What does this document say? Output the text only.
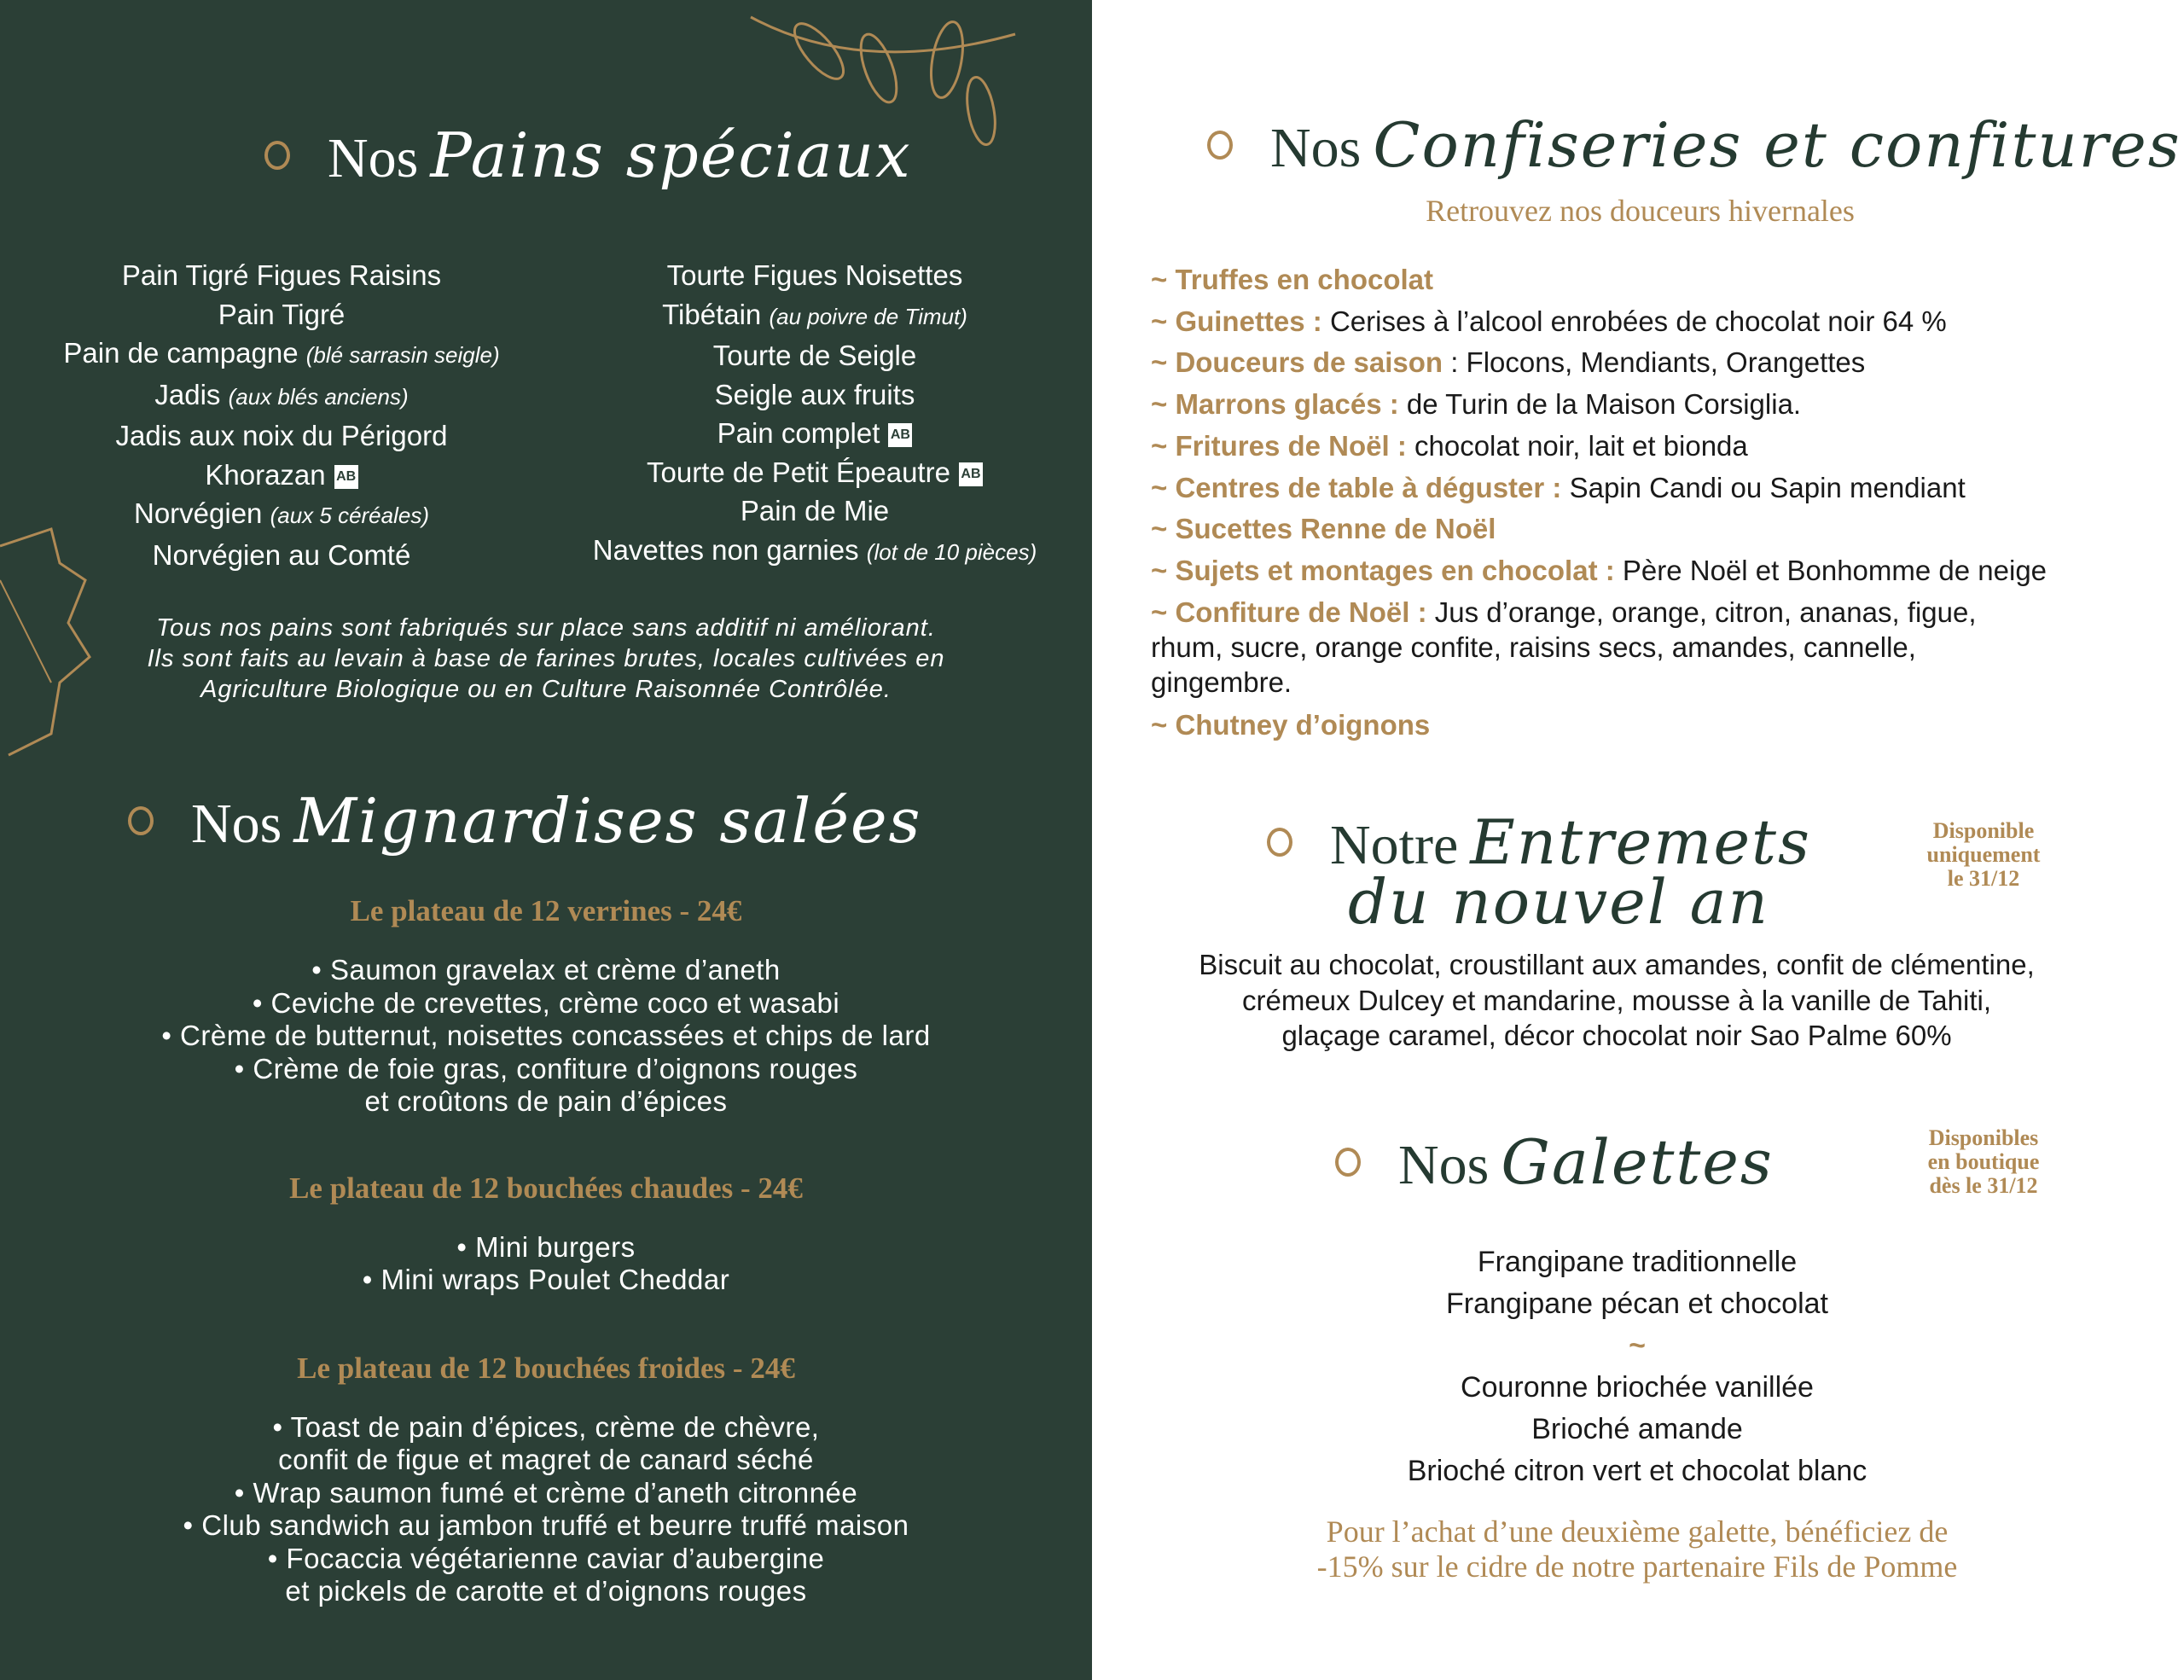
Nos Pains spéciaux
Pain Tigré Figues Raisins
Pain Tigré
Pain de campagne (blé sarrasin seigle)
Jadis (aux blés anciens)
Jadis aux noix du Périgord
Khorazan AB
Norvégien (aux 5 céréales)
Norvégien au Comté
Tourte Figues Noisettes
Tibétain (au poivre de Timut)
Tourte de Seigle
Seigle aux fruits
Pain complet AB
Tourte de Petit Épeautre AB
Pain de Mie
Navettes non garnies (lot de 10 pièces)
Tous nos pains sont fabriqués sur place sans additif ni améliorant.
Ils sont faits au levain à base de farines brutes, locales cultivées en
Agriculture Biologique ou en Culture Raisonnée Contrôlée.
Nos Mignardises salées
Le plateau de 12 verrines - 24€
• Saumon gravelax et crème d’aneth
• Ceviche de crevettes, crème coco et wasabi
• Crème de butternut, noisettes concassées et chips de lard
• Crème de foie gras, confiture d’oignons rouges
et croûtons de pain d’épices
Le plateau de 12 bouchées chaudes - 24€
• Mini burgers
• Mini wraps Poulet Cheddar
Le plateau de 12 bouchées froides - 24€
• Toast de pain d’épices, crème de chèvre,
confit de figue et magret de canard séché
• Wrap saumon fumé et crème d’aneth citronnée
• Club sandwich au jambon truffé et beurre truffé maison
• Focaccia végétarienne caviar d’aubergine
et pickels de carotte et d’oignons rouges
Nos Confiseries et confitures
Retrouvez nos douceurs hivernales
~ Truffes en chocolat
~ Guinettes : Cerises à l’alcool enrobées de chocolat noir 64 %
~ Douceurs de saison : Flocons, Mendiants, Orangettes
~ Marrons glacés : de Turin de la Maison Corsiglia.
~ Fritures de Noël : chocolat noir, lait et bionda
~ Centres de table à déguster : Sapin Candi ou Sapin mendiant
~ Sucettes Renne de Noël
~ Sujets et montages en chocolat : Père Noël et Bonhomme de neige
~ Confiture de Noël : Jus d’orange, orange, citron, ananas, figue, rhum, sucre, orange confite, raisins secs, amandes, cannelle, gingembre.
~ Chutney d’oignons
Notre Entremets
du nouvel an
Disponible
uniquement
le 31/12
Biscuit au chocolat, croustillant aux amandes, confit de clémentine,
crémeux Dulcey et mandarine, mousse à la vanille de Tahiti,
glaçage caramel, décor chocolat noir Sao Palme 60%
Nos Galettes	Disponibles
en boutique
dès le 31/12
Frangipane traditionnelle
Frangipane pécan et chocolat
~
Couronne briochée vanillée
Brioché amande
Brioché citron vert et chocolat blanc
Pour l’achat d’une deuxième galette, bénéficiez de
-15% sur le cidre de notre partenaire Fils de Pomme
